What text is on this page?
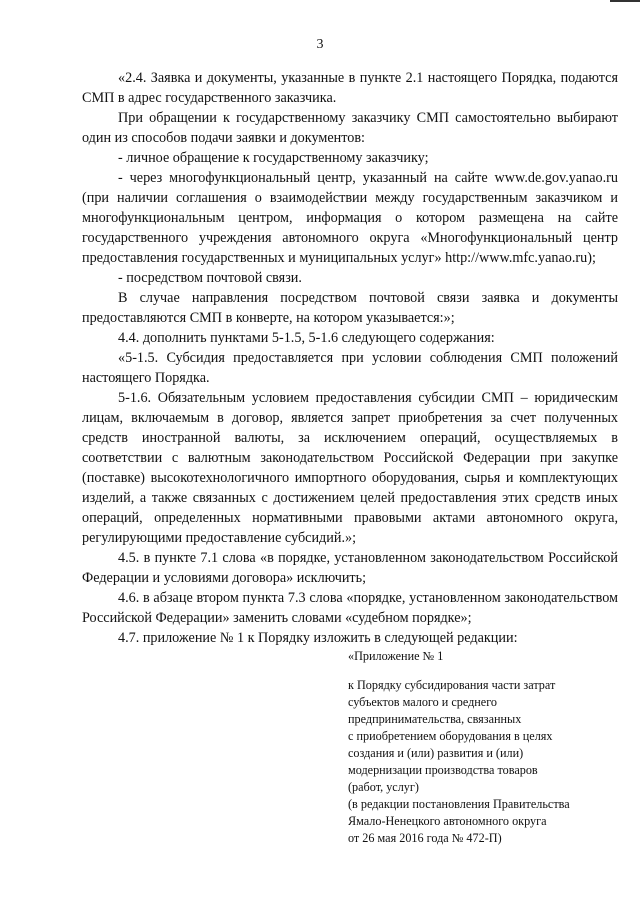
3

«2.4. Заявка и документы, указанные в пункте 2.1 настоящего Порядка, подаются СМП в адрес государственного заказчика.

При обращении к государственному заказчику СМП самостоятельно выбирают один из способов подачи заявки и документов:

- личное обращение к государственному заказчику;

- через многофункциональный центр, указанный на сайте www.de.gov.yanao.ru (при наличии соглашения о взаимодействии между государственным заказчиком и многофункциональным центром, информация о котором размещена на сайте государственного учреждения автономного округа «Многофункциональный центр предоставления государственных и муниципальных услуг» http://www.mfc.yanao.ru);

- посредством почтовой связи.

В случае направления посредством почтовой связи заявка и документы предоставляются СМП в конверте, на котором указывается:»;

4.4. дополнить пунктами 5-1.5, 5-1.6 следующего содержания:

«5-1.5. Субсидия предоставляется при условии соблюдения СМП положений настоящего Порядка.

5-1.6. Обязательным условием предоставления субсидии СМП – юридическим лицам, включаемым в договор, является запрет приобретения за счет полученных средств иностранной валюты, за исключением операций, осуществляемых в соответствии с валютным законодательством Российской Федерации при закупке (поставке) высокотехнологичного импортного оборудования, сырья и комплектующих изделий, а также связанных с достижением целей предоставления этих средств иных операций, определенных нормативными правовыми актами автономного округа, регулирующими предоставление субсидий.»;

4.5. в пункте 7.1 слова «в порядке, установленном законодательством Российской Федерации и условиями договора» исключить;

4.6. в абзаце втором пункта 7.3 слова «порядке, установленном законодательством Российской Федерации» заменить словами «судебном порядке»;

4.7. приложение № 1 к Порядку изложить в следующей редакции:

«Приложение № 1

к Порядку субсидирования части затрат
субъектов малого и среднего
предпринимательства, связанных
с приобретением оборудования в целях
создания и (или) развития и (или)
модернизации производства товаров
(работ, услуг)
(в редакции постановления Правительства
Ямало-Ненецкого автономного округа
от 26 мая 2016 года № 472-П)
